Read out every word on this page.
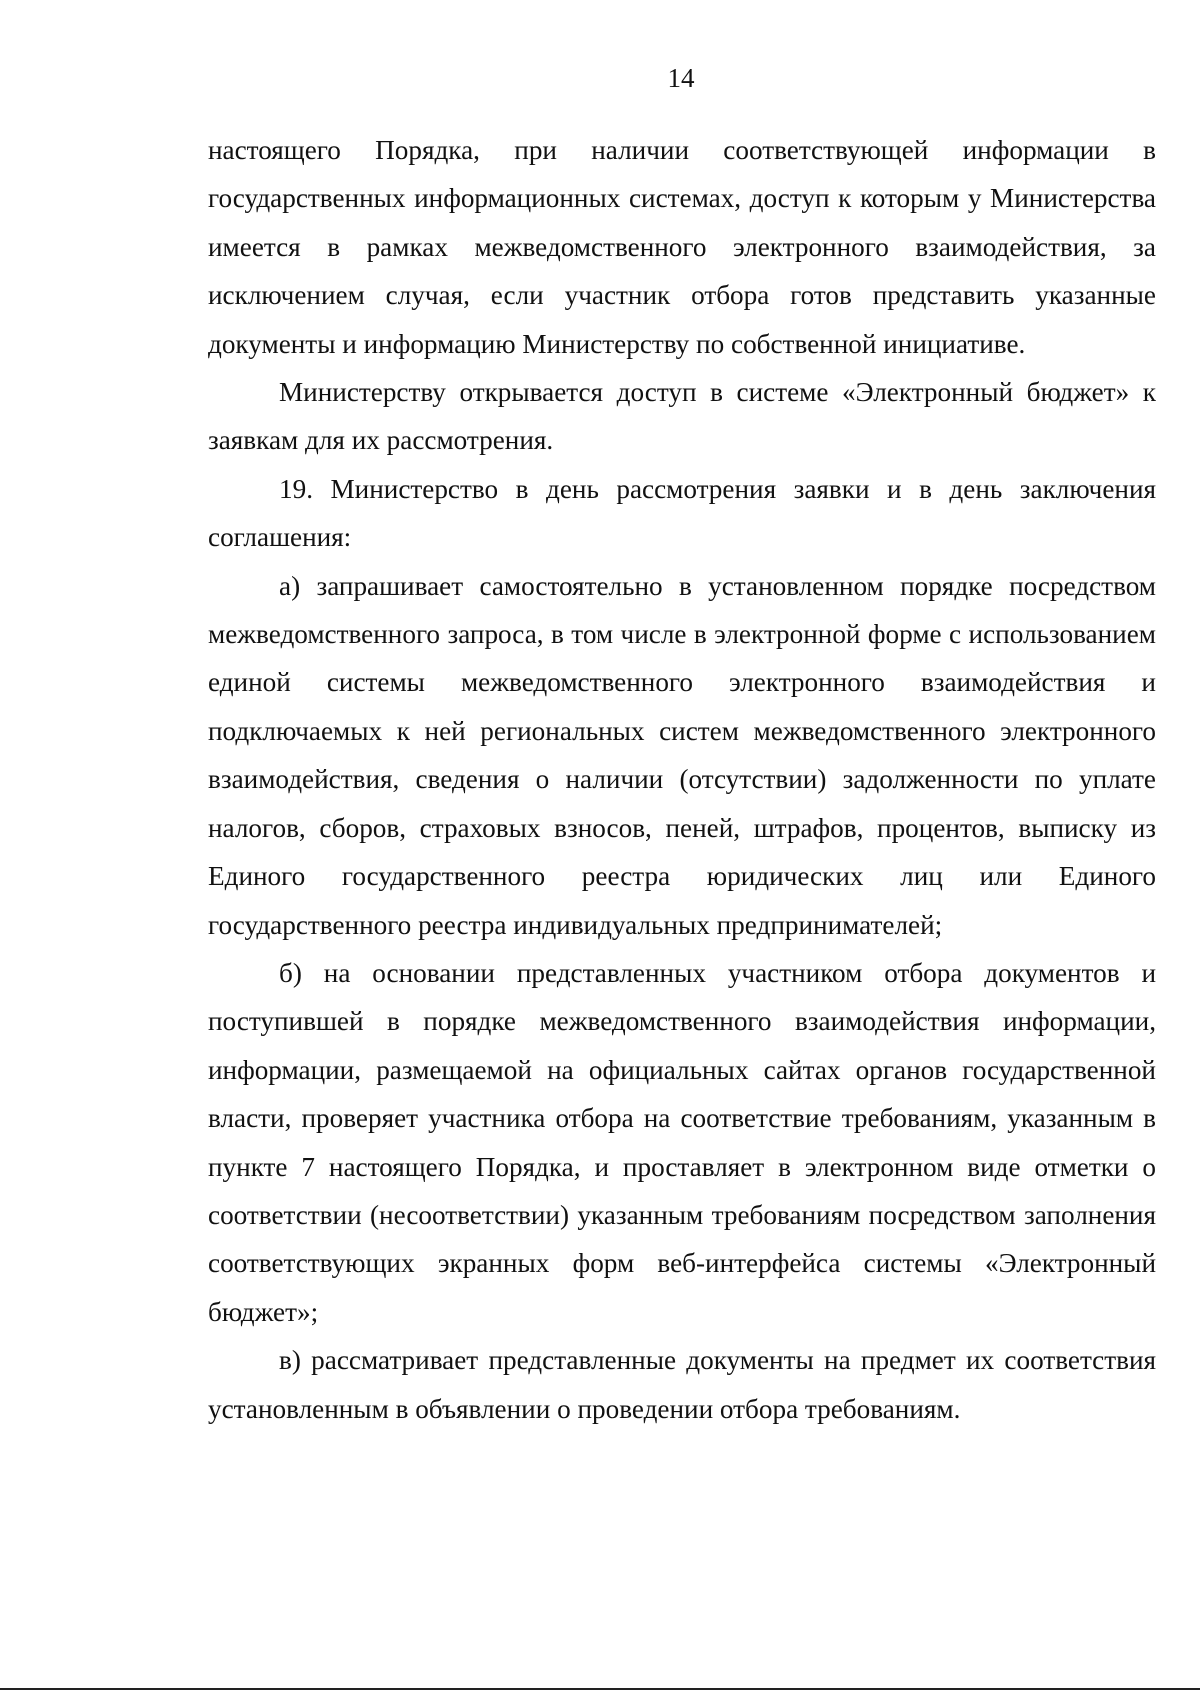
14

настоящего Порядка, при наличии соответствующей информации в государственных информационных системах, доступ к которым у Министерства имеется в рамках межведомственного электронного взаимодействия, за исключением случая, если участник отбора готов представить указанные документы и информацию Министерству по собственной инициативе.

Министерству открывается доступ в системе «Электронный бюджет» к заявкам для их рассмотрения.

19. Министерство в день рассмотрения заявки и в день заключения соглашения:

а) запрашивает самостоятельно в установленном порядке посредством межведомственного запроса, в том числе в электронной форме с использованием единой системы межведомственного электронного взаимодействия и подключаемых к ней региональных систем межведомственного электронного взаимодействия, сведения о наличии (отсутствии) задолженности по уплате налогов, сборов, страховых взносов, пеней, штрафов, процентов, выписку из Единого государственного реестра юридических лиц или Единого государственного реестра индивидуальных предпринимателей;

б) на основании представленных участником отбора документов и поступившей в порядке межведомственного взаимодействия информации, информации, размещаемой на официальных сайтах органов государственной власти, проверяет участника отбора на соответствие требованиям, указанным в пункте 7 настоящего Порядка, и проставляет в электронном виде отметки о соответствии (несоответствии) указанным требованиям посредством заполнения соответствующих экранных форм веб-интерфейса системы «Электронный бюджет»;

в) рассматривает представленные документы на предмет их соответствия установленным в объявлении о проведении отбора требованиям.
